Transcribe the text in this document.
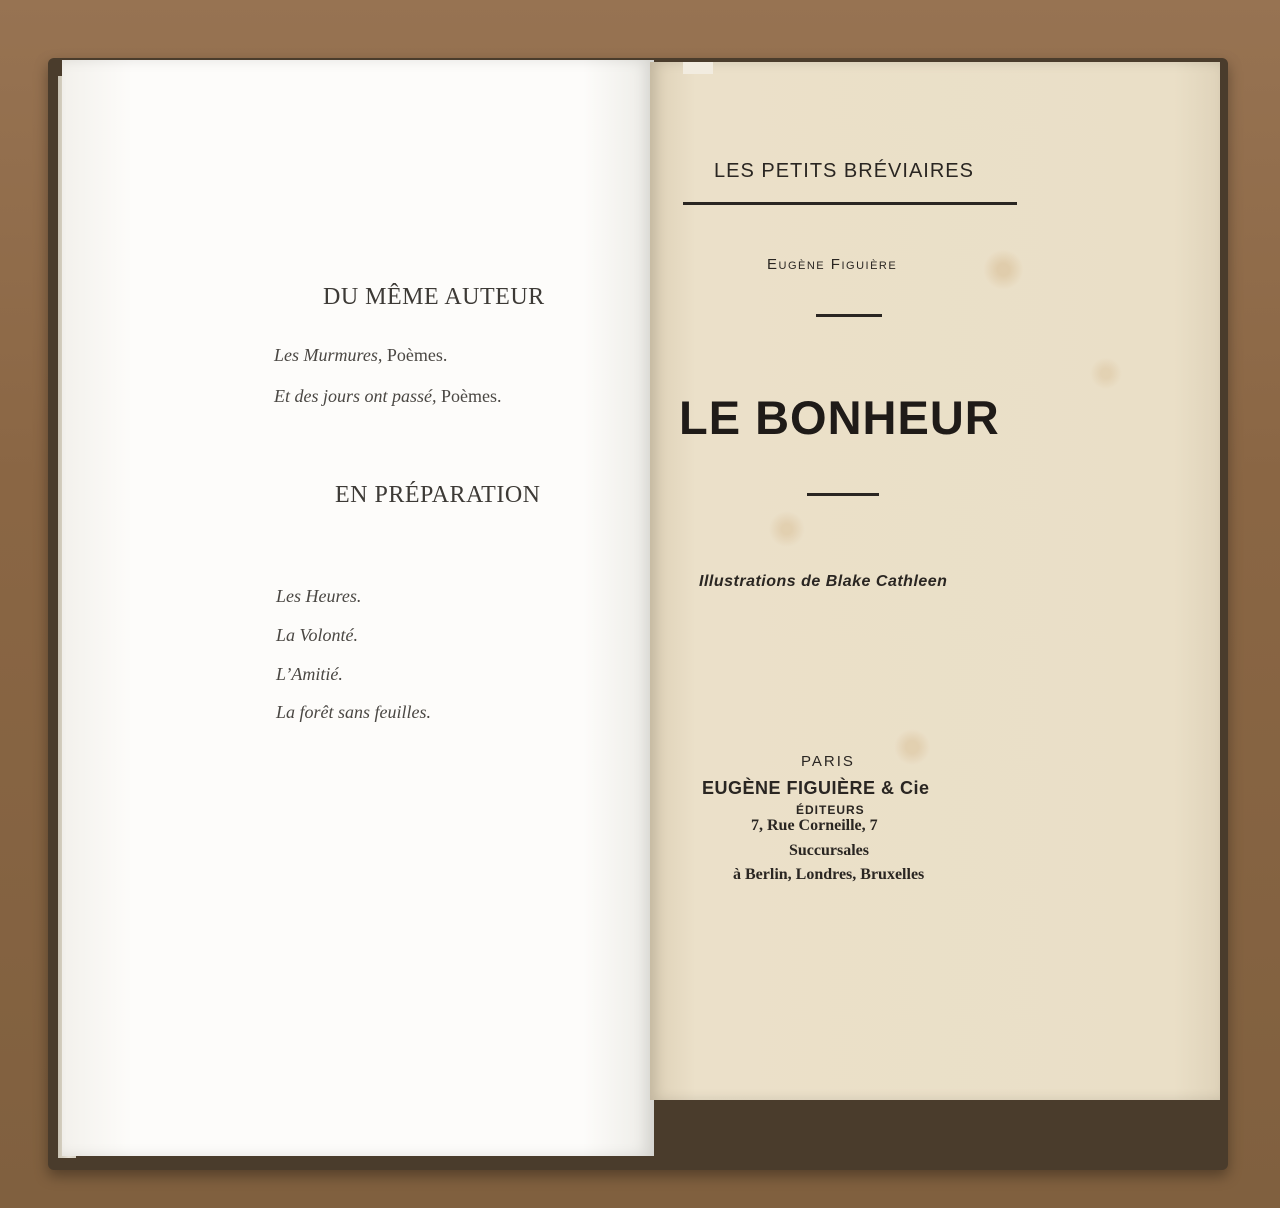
DU MÊME AUTEUR
Les Murmures, Poèmes.
Et des jours ont passé, Poèmes.
EN PRÉPARATION
Les Heures.
La Volonté.
L’Amitié.
La forêt sans feuilles.
LES PETITS BRÉVIAIRES
Eugène Figuière
LE BONHEUR
Illustrations de Blake Cathleen
PARIS
EUGÈNE FIGUIÈRE & Cie
ÉDITEURS
7, Rue Corneille, 7
Succursales
à Berlin, Londres, Bruxelles
